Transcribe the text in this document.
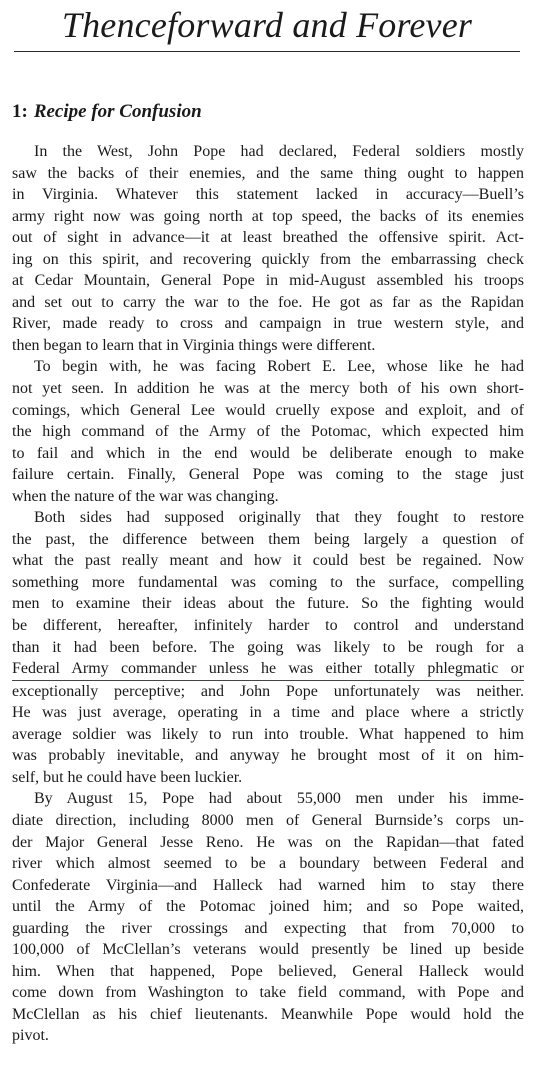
Thenceforward and Forever
1: Recipe for Confusion
In the West, John Pope had declared, Federal soldiers mostly
saw the backs of their enemies, and the same thing ought to happen
in Virginia. Whatever this statement lacked in accuracy—Buell’s
army right now was going north at top speed, the backs of its enemies
out of sight in advance—it at least breathed the offensive spirit. Act-
ing on this spirit, and recovering quickly from the embarrassing check
at Cedar Mountain, General Pope in mid-August assembled his troops
and set out to carry the war to the foe. He got as far as the Rapidan
River, made ready to cross and campaign in true western style, and
then began to learn that in Virginia things were different.
To begin with, he was facing Robert E. Lee, whose like he had
not yet seen. In addition he was at the mercy both of his own short-
comings, which General Lee would cruelly expose and exploit, and of
the high command of the Army of the Potomac, which expected him
to fail and which in the end would be deliberate enough to make
failure certain. Finally, General Pope was coming to the stage just
when the nature of the war was changing.
Both sides had supposed originally that they fought to restore
the past, the difference between them being largely a question of
what the past really meant and how it could best be regained. Now
something more fundamental was coming to the surface, compelling
men to examine their ideas about the future. So the fighting would
be different, hereafter, infinitely harder to control and understand
than it had been before. The going was likely to be rough for a
Federal Army commander unless he was either totally phlegmatic or
exceptionally perceptive; and John Pope unfortunately was neither.
He was just average, operating in a time and place where a strictly
average soldier was likely to run into trouble. What happened to him
was probably inevitable, and anyway he brought most of it on him-
self, but he could have been luckier.
By August 15, Pope had about 55,000 men under his imme-
diate direction, including 8000 men of General Burnside’s corps un-
der Major General Jesse Reno. He was on the Rapidan—that fated
river which almost seemed to be a boundary between Federal and
Confederate Virginia—and Halleck had warned him to stay there
until the Army of the Potomac joined him; and so Pope waited,
guarding the river crossings and expecting that from 70,000 to
100,000 of McClellan’s veterans would presently be lined up beside
him. When that happened, Pope believed, General Halleck would
come down from Washington to take field command, with Pope and
McClellan as his chief lieutenants. Meanwhile Pope would hold the
pivot.
